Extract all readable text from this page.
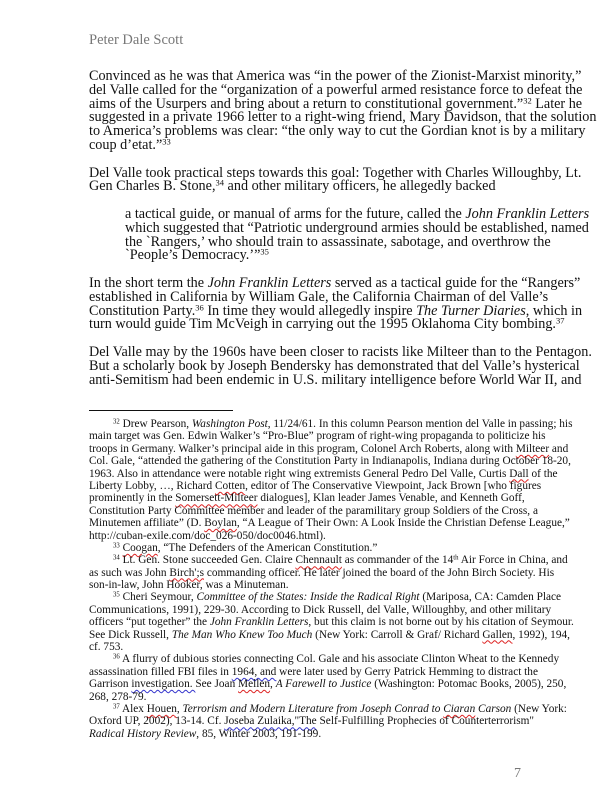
Peter Dale Scott
Convinced as he was that America was “in the power of the Zionist-Marxist minority,”
del Valle called for the “organization of a powerful armed resistance force to defeat the
aims of the Usurpers and bring about a return to constitutional government.”$^{32}$ Later he
suggested in a private 1966 letter to a right-wing friend, Mary Davidson, that the solution
to America’s problems was clear: “the only way to cut the Gordian knot is by a military
coup d’etat.”$^{33}$
Del Valle took practical steps towards this goal: Together with Charles Willoughby, Lt.
Gen Charles B. Stone,$^{34}$ and other military officers, he allegedly backed
a tactical guide, or manual of arms for the future, called the John Franklin Letters
which suggested that “Patriotic underground armies should be established, named
the `Rangers,’ who should train to assassinate, sabotage, and overthrow the
`People’s Democracy.’”$^{35}$
In the short term the John Franklin Letters served as a tactical guide for the “Rangers”
established in California by William Gale, the California Chairman of del Valle’s
Constitution Party.$^{36}$ In time they would allegedly inspire The Turner Diaries, which in
turn would guide Tim McVeigh in carrying out the 1995 Oklahoma City bombing.$^{37}$
Del Valle may by the 1960s have been closer to racists like Milteer than to the Pentagon.
But a scholarly book by Joseph Bendersky has demonstrated that del Valle’s hysterical
anti-Semitism had been endemic in U.S. military intelligence before World War II, and
$^{32}$ Drew Pearson, Washington Post, 11/24/61. In this column Pearson mention del Valle in passing; his
main target was Gen. Edwin Walker’s “Pro-Blue” program of right-wing propaganda to politicize his
troops in Germany. Walker’s principal aide in this program, Colonel Arch Roberts, along with Milteer and
Col. Gale, “attended the gathering of the Constitution Party in Indianapolis, Indiana during October 18-20,
1963. Also in attendance were notable right wing extremists General Pedro Del Valle, Curtis Dall of the
Liberty Lobby, …, Richard Cotten, editor of The Conservative Viewpoint, Jack Brown [who figures
prominently in the Somersett-Milteer dialogues], Klan leader James Venable, and Kenneth Goff,
Constitution Party Committee member and leader of the paramilitary group Soldiers of the Cross, a
Minutemen affiliate” (D. Boylan, “A League of Their Own: A Look Inside the Christian Defense League,”
http://cuban-exile.com/doc_026-050/doc0046.html).
$^{33}$ Coogan, “The Defenders of the American Constitution.”
$^{34}$ Lt. Gen. Stone succeeded Gen. Claire Chennault as commander of the 14th Air Force in China, and
as such was John Birch';s commanding officer. He later joined the board of the John Birch Society. His
son-in-law, John Hooker, was a Minuteman.
$^{35}$ Cheri Seymour, Committee of the States: Inside the Radical Right (Mariposa, CA: Camden Place
Communications, 1991), 229-30. According to Dick Russell, del Valle, Willoughby, and other military
officers “put together” the John Franklin Letters, but this claim is not borne out by his citation of Seymour.
See Dick Russell, The Man Who Knew Too Much (New York: Carroll & Graf/ Richard Gallen, 1992), 194,
cf. 753.
$^{36}$ A flurry of dubious stories connecting Col. Gale and his associate Clinton Wheat to the Kennedy
assassination filled FBI files in 1964, and were later used by Gerry Patrick Hemming to distract the
Garrison investigation. See Joan Mellen, A Farewell to Justice (Washington: Potomac Books, 2005), 250,
268, 278-79.
$^{37}$ Alex Houen, Terrorism and Modern Literature from Joseph Conrad to Ciaran Carson (New York:
Oxford UP, 2002), 13-14. Cf. Joseba Zulaika,"The Self-Fulfilling Prophecies of Counterterrorism"
Radical History Review, 85, Winter 2003, 191-199.
7
